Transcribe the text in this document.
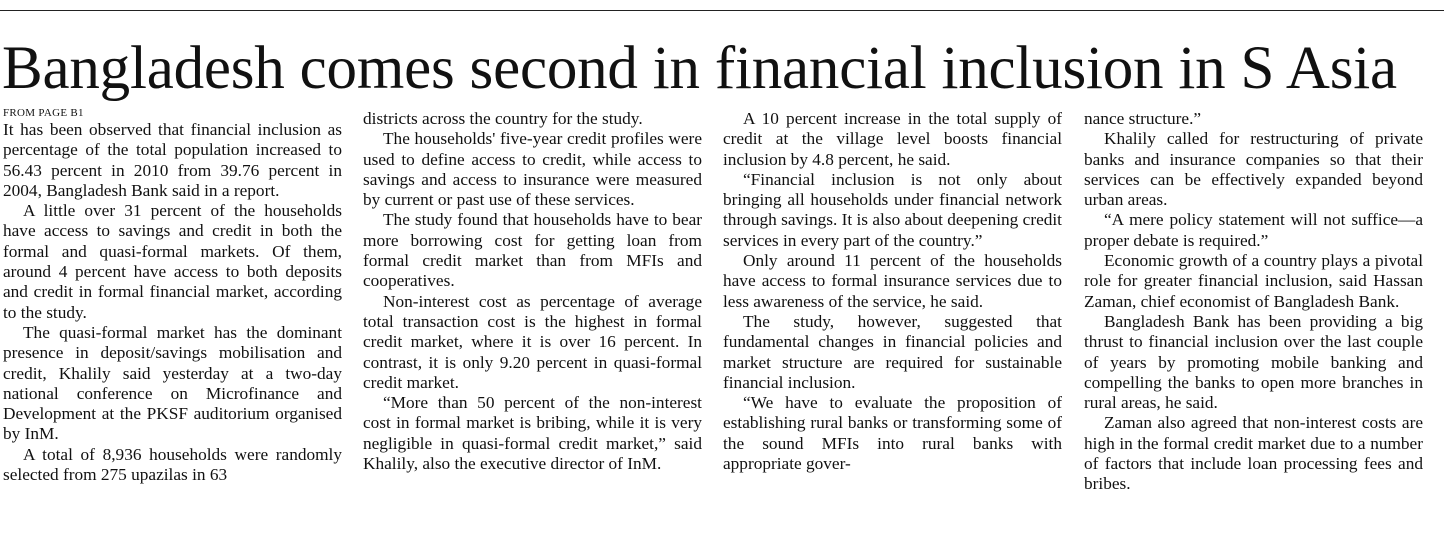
Bangladesh comes second in financial inclusion in S Asia
FROM PAGE B1

It has been observed that financial inclusion as percentage of the total population increased to 56.43 percent in 2010 from 39.76 percent in 2004, Bangladesh Bank said in a report.

A little over 31 percent of the households have access to savings and credit in both the formal and quasi-formal markets. Of them, around 4 percent have access to both deposits and credit in formal financial market, according to the study.

The quasi-formal market has the dominant presence in deposit/savings mobilisation and credit, Khalily said yesterday at a two-day national conference on Microfinance and Development at the PKSF auditorium organised by InM.

A total of 8,936 households were randomly selected from 275 upazilas in 63

districts across the country for the study.

The households' five-year credit profiles were used to define access to credit, while access to savings and access to insurance were measured by current or past use of these services.

The study found that households have to bear more borrowing cost for getting loan from formal credit market than from MFIs and cooperatives.

Non-interest cost as percentage of average total transaction cost is the highest in formal credit market, where it is over 16 percent. In contrast, it is only 9.20 percent in quasi-formal credit market.

“More than 50 percent of the non-interest cost in formal market is bribing, while it is very negligible in quasi-formal credit market,” said Khalily, also the executive director of InM.

A 10 percent increase in the total supply of credit at the village level boosts financial inclusion by 4.8 percent, he said.

“Financial inclusion is not only about bringing all households under financial network through savings. It is also about deepening credit services in every part of the country.”

Only around 11 percent of the households have access to formal insurance services due to less awareness of the service, he said.

The study, however, suggested that fundamental changes in financial policies and market structure are required for sustainable financial inclusion.

“We have to evaluate the proposition of establishing rural banks or transforming some of the sound MFIs into rural banks with appropriate gover-

nance structure.”

Khalily called for restructuring of private banks and insurance companies so that their services can be effectively expanded beyond urban areas.

“A mere policy statement will not suffice—a proper debate is required.”

Economic growth of a country plays a pivotal role for greater financial inclusion, said Hassan Zaman, chief economist of Bangladesh Bank.

Bangladesh Bank has been providing a big thrust to financial inclusion over the last couple of years by promoting mobile banking and compelling the banks to open more branches in rural areas, he said.

Zaman also agreed that non-interest costs are high in the formal credit market due to a number of factors that include loan processing fees and bribes.
